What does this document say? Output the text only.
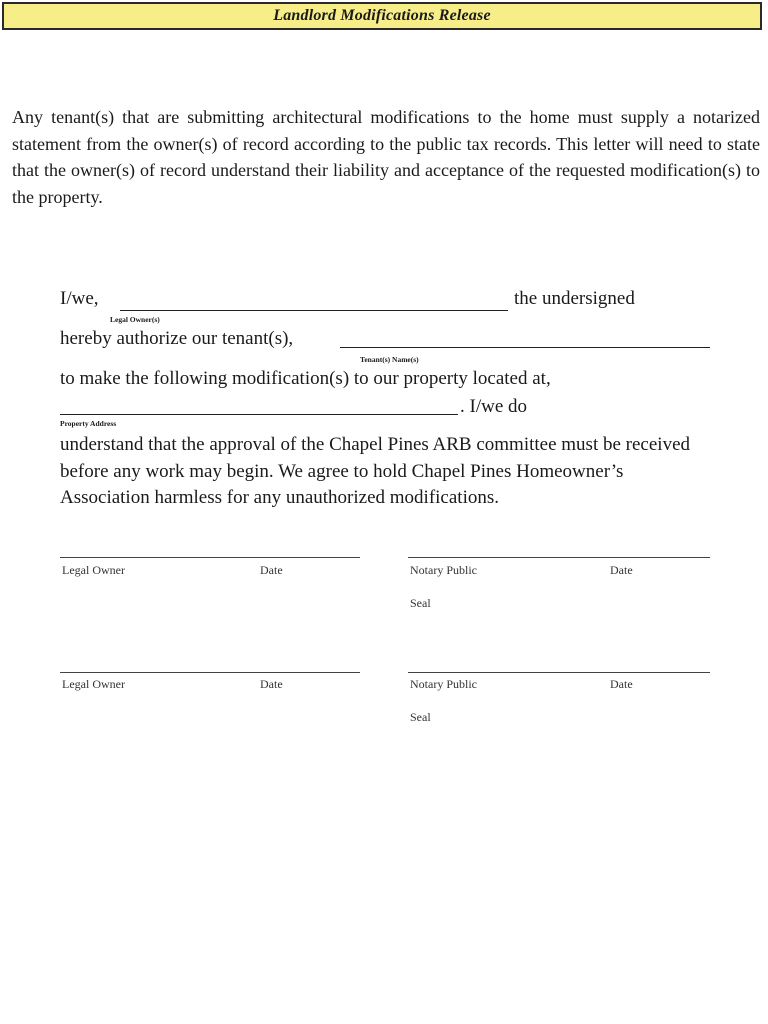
Landlord Modifications Release

Any tenant(s) that are submitting architectural modifications to the home must supply a notarized statement from the owner(s) of record according to the public tax records. This letter will need to state that the owner(s) of record understand their liability and acceptance of the requested modification(s) to the property.

I/we,	the undersigned
Legal Owner(s)
hereby authorize our tenant(s),
Tenant(s) Name(s)
to make the following modification(s) to our property located at,
. I/we do
Property Address

understand that the approval of the Chapel Pines ARB committee must be received before any work may begin. We agree to hold Chapel Pines Homeowner’s Association harmless for any unauthorized modifications.

Legal Owner	Date	Notary Public	Date
Seal
Legal Owner	Date	Notary Public	Date
Seal
